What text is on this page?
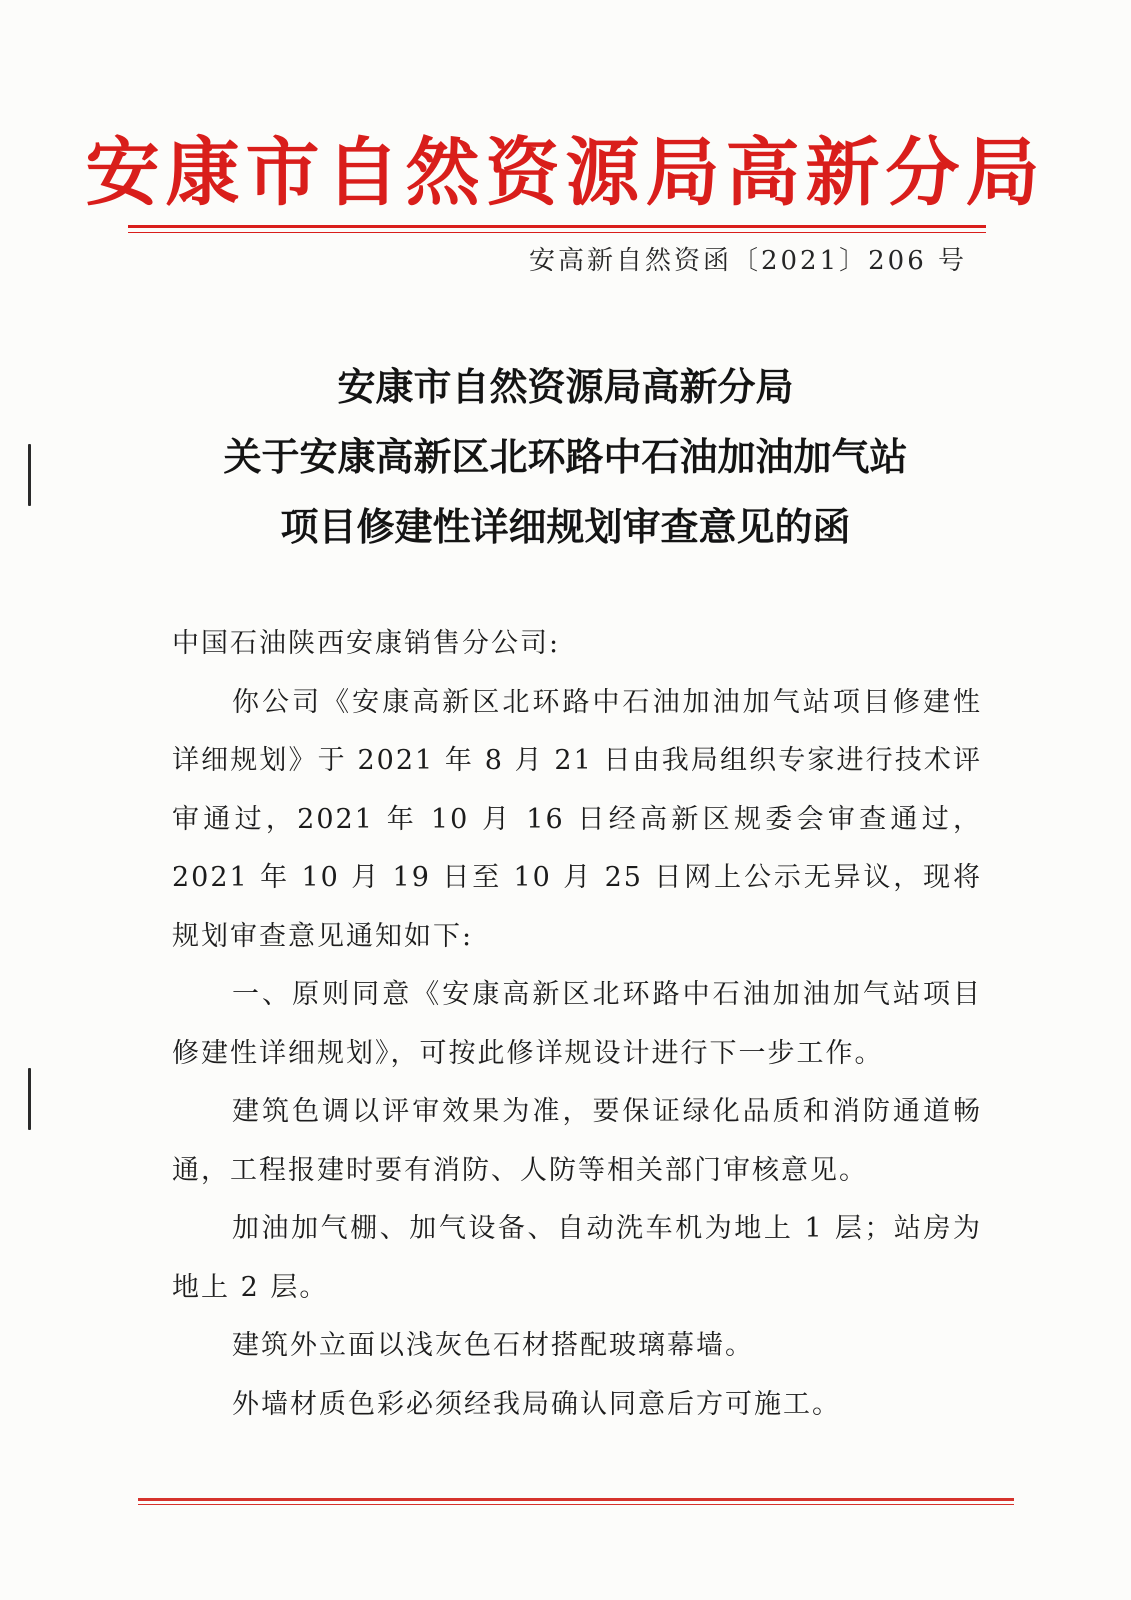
安康市自然资源局高新分局
安高新自然资函〔2021〕206 号
安康市自然资源局高新分局
关于安康高新区北环路中石油加油加气站
项目修建性详细规划审查意见的函

中国石油陕西安康销售分公司:

你公司《安康高新区北环路中石油加油加气站项目修建性详细规划》于 2021 年 8 月 21 日由我局组织专家进行技术评审通过，2021 年 10 月 16 日经高新区规委会审查通过，2021 年 10 月 19 日至 10 月 25 日网上公示无异议，现将规划审查意见通知如下:

一、原则同意《安康高新区北环路中石油加油加气站项目修建性详细规划》，可按此修详规设计进行下一步工作。

建筑色调以评审效果为准，要保证绿化品质和消防通道畅通，工程报建时要有消防、人防等相关部门审核意见。

加油加气棚、加气设备、自动洗车机为地上 1 层；站房为地上 2 层。

建筑外立面以浅灰色石材搭配玻璃幕墙。

外墙材质色彩必须经我局确认同意后方可施工。
